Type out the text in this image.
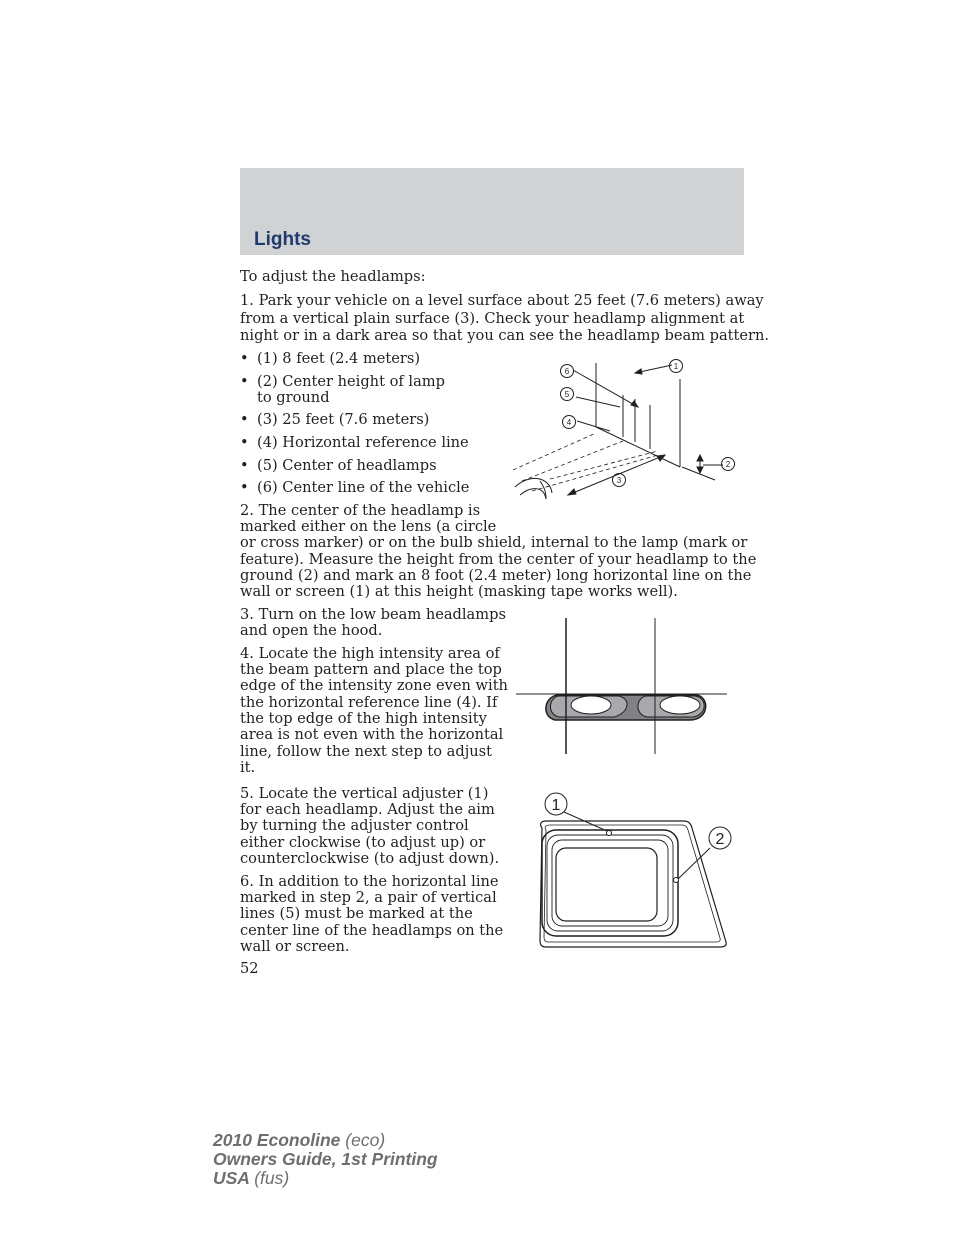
Lights
To adjust the headlamps:
1. Park your vehicle on a level surface about 25 feet (7.6 meters) away
from a vertical plain surface (3). Check your headlamp alignment at
night or in a dark area so that you can see the headlamp beam pattern.
• (1) 8 feet (2.4 meters)
• (2) Center height of lamp to ground
• (3) 25 feet (7.6 meters)
• (4) Horizontal reference line
• (5) Center of headlamps
• (6) Center line of the vehicle
2. The center of the headlamp is
marked either on the lens (a circle
or cross marker) or on the bulb shield, internal to the lamp (mark or
feature). Measure the height from the center of your headlamp to the
ground (2) and mark an 8 foot (2.4 meter) long horizontal line on the
wall or screen (1) at this height (masking tape works well).
3. Turn on the low beam headlamps
and open the hood.
4. Locate the high intensity area of
the beam pattern and place the top
edge of the intensity zone even with
the horizontal reference line (4). If
the top edge of the high intensity
area is not even with the horizontal
line, follow the next step to adjust
it.
5. Locate the vertical adjuster (1)
for each headlamp. Adjust the aim
by turning the adjuster control
either clockwise (to adjust up) or
counterclockwise (to adjust down).
6. In addition to the horizontal line
marked in step 2, a pair of vertical
lines (5) must be marked at the
center line of the headlamps on the
wall or screen.
52
6
5
4
1
2
3
1
2
2010 Econoline (eco)
Owners Guide, 1st Printing
USA (fus)
